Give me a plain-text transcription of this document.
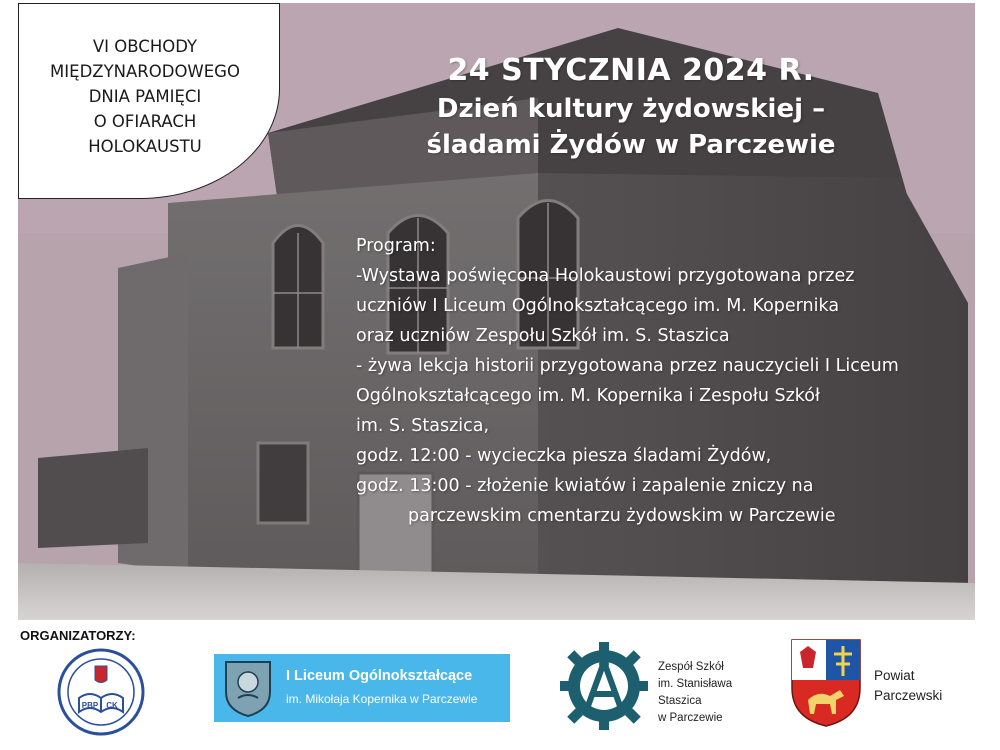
VI OBCHODY
MIĘDZYNARODOWEGO
DNIA PAMIĘCI
O OFIARACH
HOLOKAUSTU
24 STYCZNIA 2024 R.
Dzień kultury żydowskiej –
śladami Żydów w Parczewie
Program:
-Wystawa poświęcona Holokaustowi przygotowana przez
uczniów I Liceum Ogólnokształcącego im. M. Kopernika
oraz uczniów Zespołu Szkół im. S. Staszica
- żywa lekcja historii przygotowana przez nauczycieli I Liceum
Ogólnokształcącego im. M. Kopernika i Zespołu Szkół
im. S. Staszica,
godz. 12:00 - wycieczka piesza śladami Żydów,
godz. 13:00 - złożenie kwiatów i zapalenie zniczy na
parczewskim cmentarzu żydowskim w Parczewie
ORGANIZATORZY:
PBP CK
I Liceum Ogólnokształcące
im. Mikołaja Kopernika w Parczewie
Zespół Szkół
im. Stanisława
Staszica
w Parczewie
Powiat
Parczewski
